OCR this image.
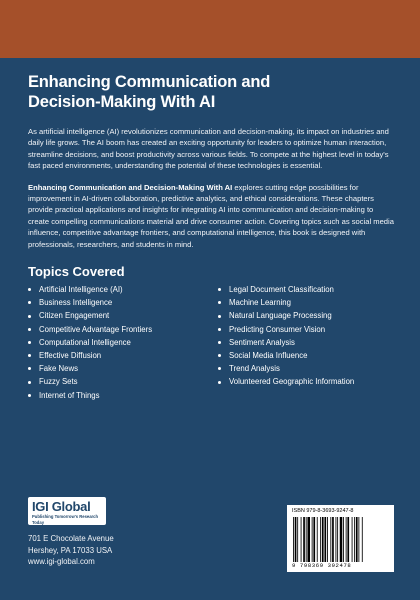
Enhancing Communication and
Decision-Making With AI

As artificial intelligence (AI) revolutionizes communication and decision-making, its impact on industries and daily life grows. The AI boom has created an exciting opportunity for leaders to optimize human interaction, streamline decisions, and boost productivity across various fields. To compete at the highest level in today's fast paced environments, understanding the potential of these technologies is essential.

Enhancing Communication and Decision-Making With AI explores cutting edge possibilities for improvement in AI-driven collaboration, predictive analytics, and ethical considerations. These chapters provide practical applications and insights for integrating AI into communication and decision-making to create compelling communications material and drive consumer action. Covering topics such as social media influence, competitive advantage frontiers, and computational intelligence, this book is designed with professionals, researchers, and students in mind.

Topics Covered
Artificial Intelligence (AI)
Business Intelligence
Citizen Engagement
Competitive Advantage Frontiers
Computational Intelligence
Effective Diffusion
Fake News
Fuzzy Sets
Internet of Things
Legal Document Classification
Machine Learning
Natural Language Processing
Predicting Consumer Vision
Sentiment Analysis
Social Media Influence
Trend Analysis
Volunteered Geographic Information
IGI Global
Publishing Tomorrow's Research Today
701 E Chocolate Avenue
Hershey, PA 17033 USA
www.igi-global.com
ISBN 979-8-3693-9247-8
9 798369 392478
